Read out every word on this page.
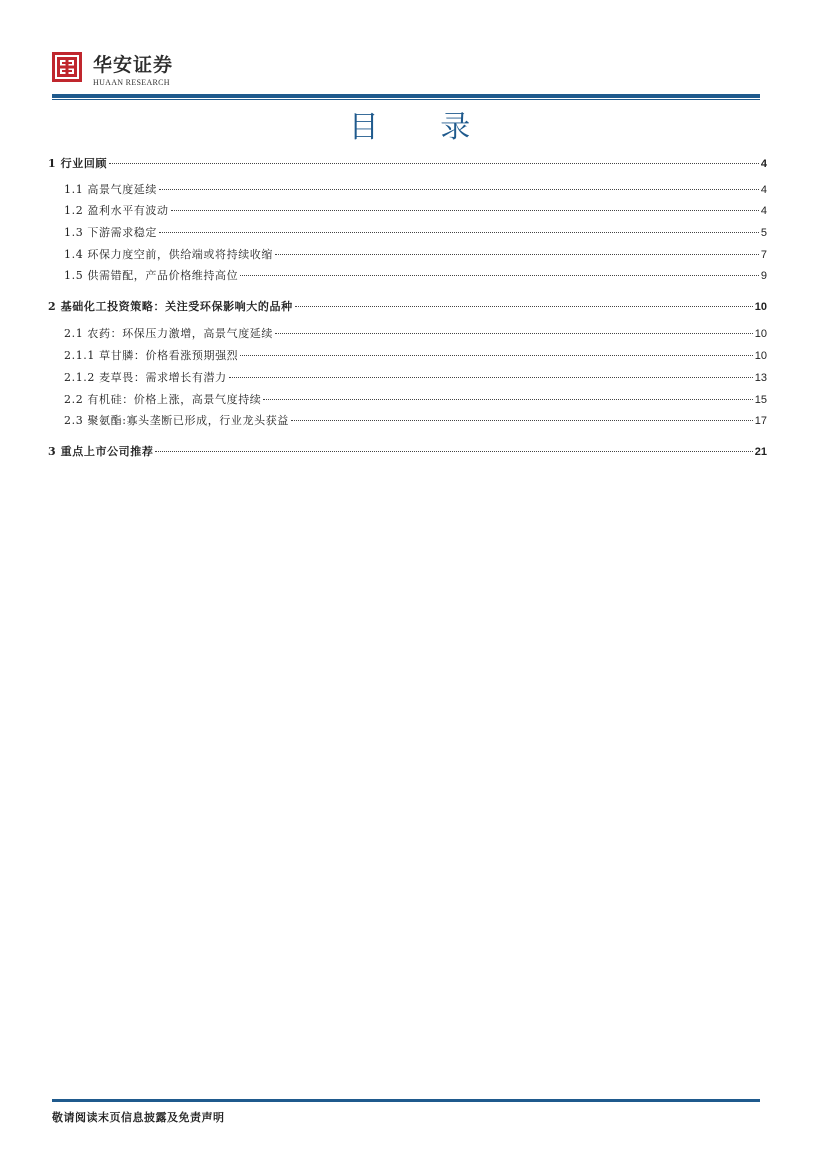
华安证券
HUAAN RESEARCH
目 录
1 行业回顾	4
1.1 高景气度延续	4
1.2 盈利水平有波动	4
1.3 下游需求稳定	5
1.4 环保力度空前，供给端或将持续收缩	7
1.5 供需错配，产品价格维持高位	9
2 基础化工投资策略：关注受环保影响大的品种	10
2.1 农药：环保压力激增，高景气度延续	10
2.1.1 草甘膦：价格看涨预期强烈	10
2.1.2 麦草畏：需求增长有潜力	13
2.2 有机硅：价格上涨，高景气度持续	15
2.3 聚氨酯:寡头垄断已形成，行业龙头获益	17
3 重点上市公司推荐	21
敬请阅读末页信息披露及免责声明
